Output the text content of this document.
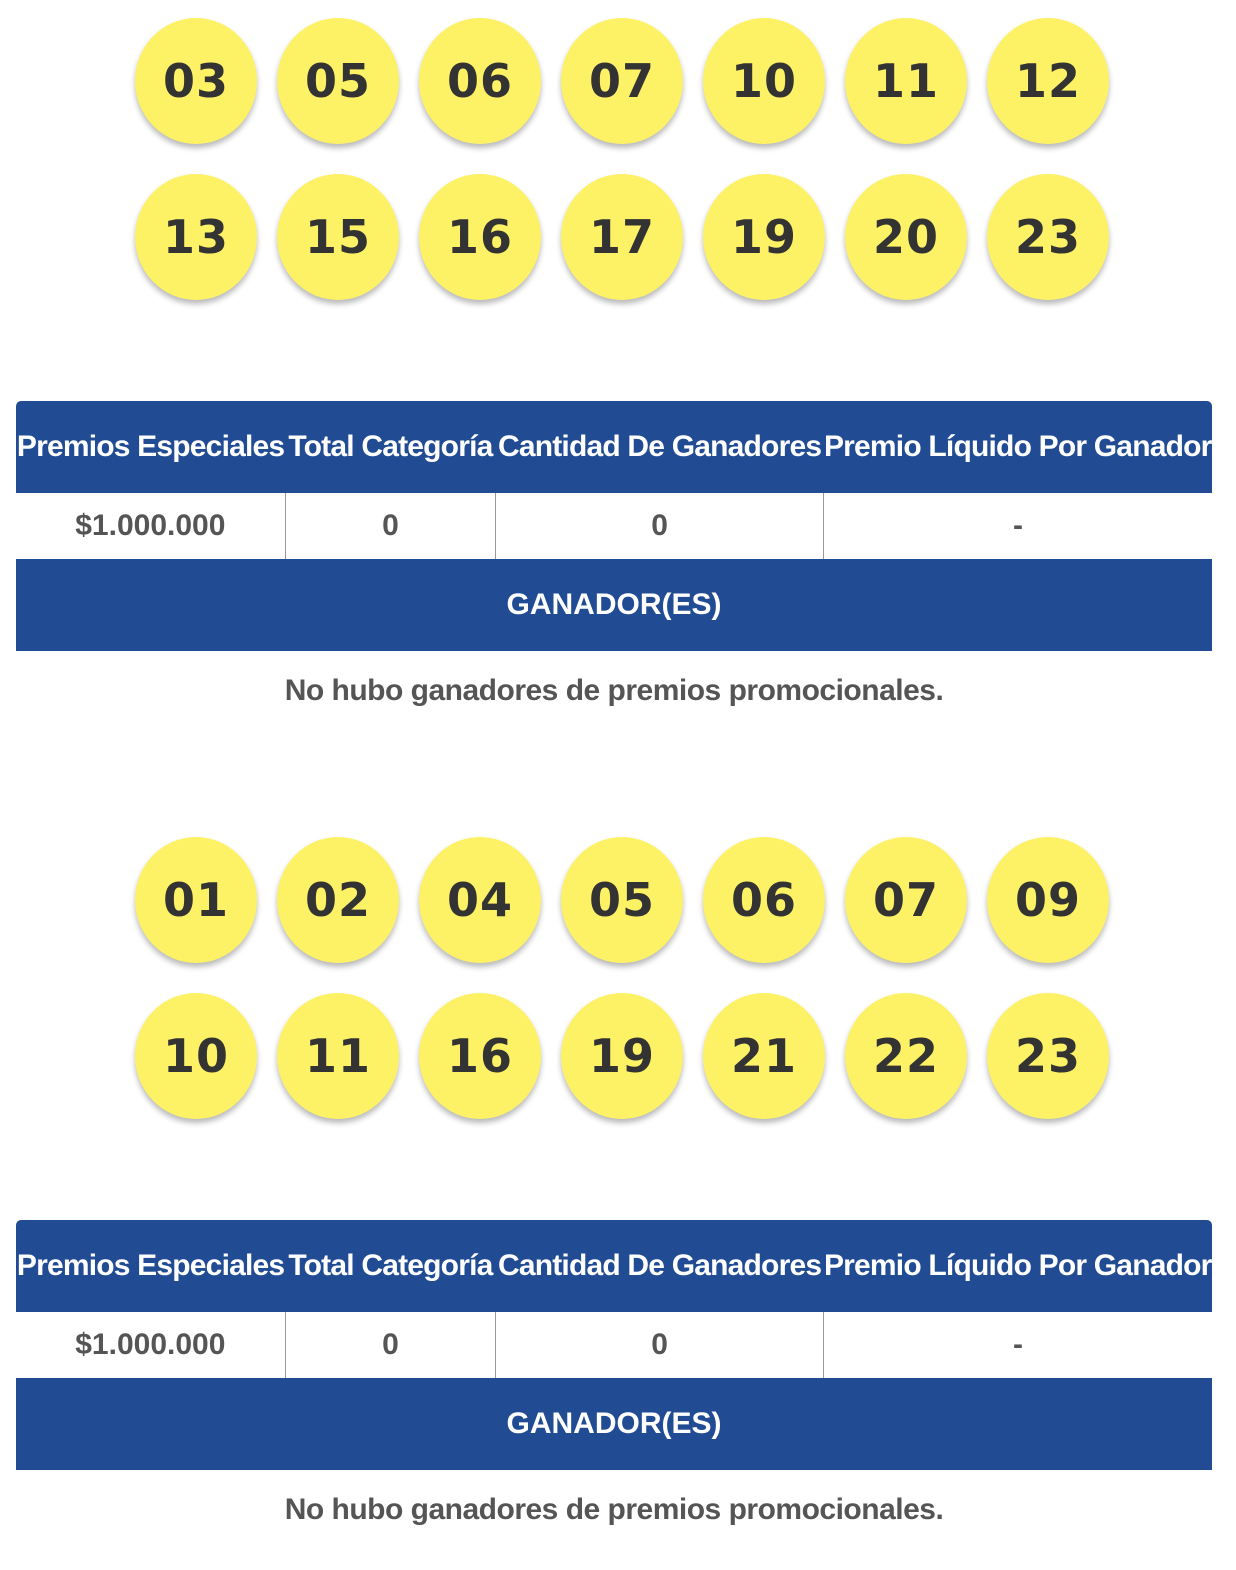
03	05	06	07	10	11	12
13	15	16	17	19	20	23
Premios Especiales	Total Categoría	Cantidad De Ganadores	Premio Líquido Por Ganador
$1.000.000	0	0	-
GANADOR(ES)			
No hubo ganadores de premios promocionales.			
01	02	04	05	06	07	09
10	11	16	19	21	22	23
Premios Especiales	Total Categoría	Cantidad De Ganadores	Premio Líquido Por Ganador
$1.000.000	0	0	-
GANADOR(ES)			
No hubo ganadores de premios promocionales.			
